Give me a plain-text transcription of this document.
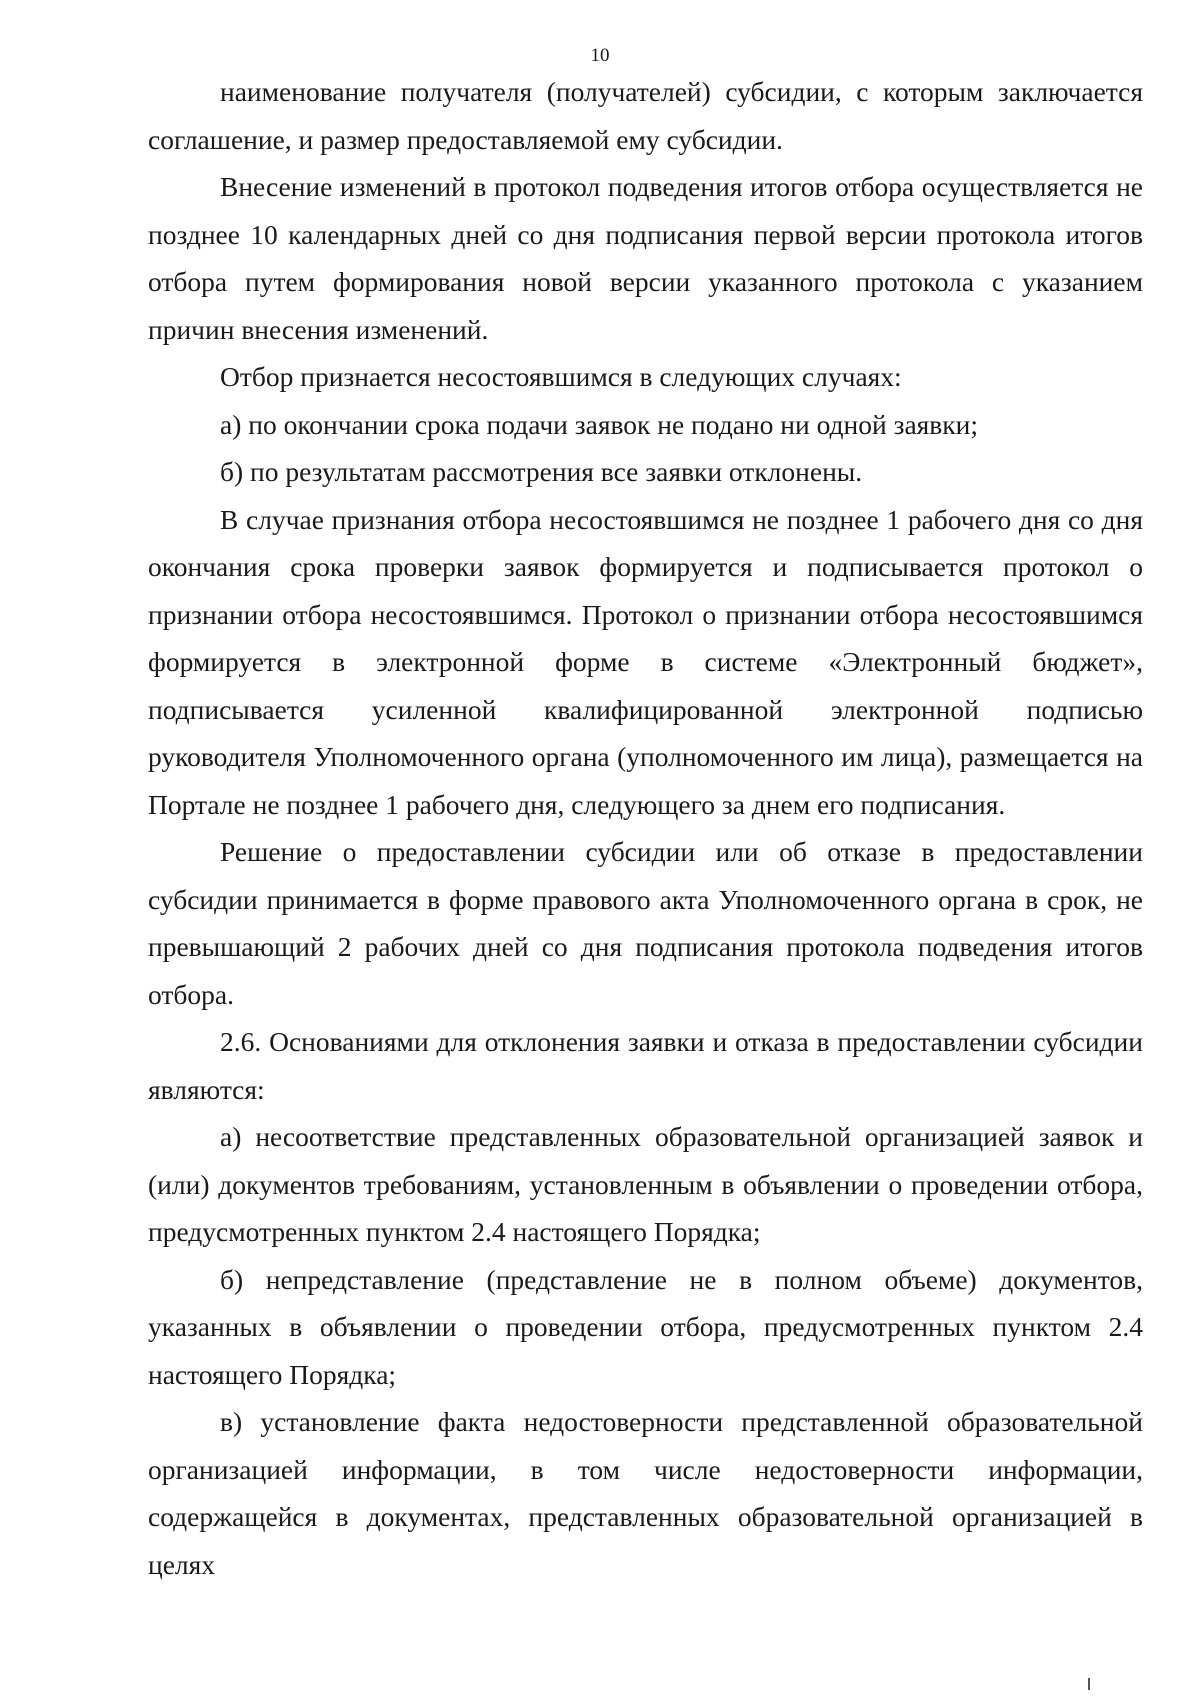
10

наименование получателя (получателей) субсидии, с которым заключается соглашение, и размер предоставляемой ему субсидии.

Внесение изменений в протокол подведения итогов отбора осуществляется не позднее 10 календарных дней со дня подписания первой версии протокола итогов отбора путем формирования новой версии указанного протокола с указанием причин внесения изменений.

Отбор признается несостоявшимся в следующих случаях:

а) по окончании срока подачи заявок не подано ни одной заявки;

б) по результатам рассмотрения все заявки отклонены.

В случае признания отбора несостоявшимся не позднее 1 рабочего дня со дня окончания срока проверки заявок формируется и подписывается протокол о признании отбора несостоявшимся. Протокол о признании отбора несостоявшимся формируется в электронной форме в системе «Электронный бюджет», подписывается усиленной квалифицированной электронной подписью руководителя Уполномоченного органа (уполномоченного им лица), размещается на Портале не позднее 1 рабочего дня, следующего за днем его подписания.

Решение о предоставлении субсидии или об отказе в предоставлении субсидии принимается в форме правового акта Уполномоченного органа в срок, не превышающий 2 рабочих дней со дня подписания протокола подведения итогов отбора.

2.6. Основаниями для отклонения заявки и отказа в предоставлении субсидии являются:

а) несоответствие представленных образовательной организацией заявок и (или) документов требованиям, установленным в объявлении о проведении отбора, предусмотренных пунктом 2.4 настоящего Порядка;

б) непредставление (представление не в полном объеме) документов, указанных в объявлении о проведении отбора, предусмотренных пунктом 2.4 настоящего Порядка;

в) установление факта недостоверности представленной образовательной организацией информации, в том числе недостоверности информации, содержащейся в документах, представленных образовательной организацией в целях
